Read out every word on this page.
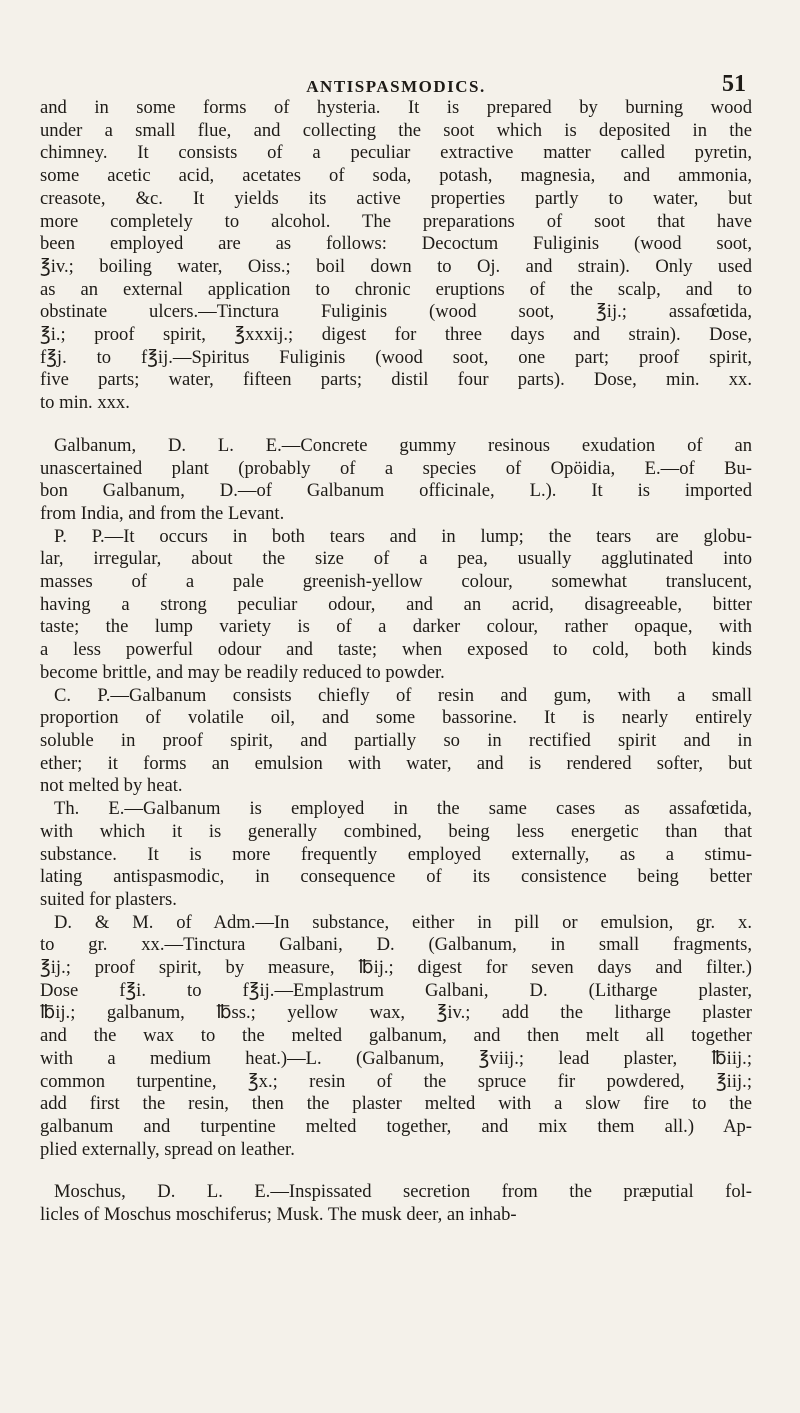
ANTISPASMODICS.	51

and in some forms of hysteria. It is prepared by burning wood
under a small flue, and collecting the soot which is deposited in the
chimney. It consists of a peculiar extractive matter called pyretin,
some acetic acid, acetates of soda, potash, magnesia, and ammonia,
creasote, &c. It yields its active properties partly to water, but
more completely to alcohol. The preparations of soot that have
been employed are as follows: Decoctum Fuliginis (wood soot,
℥iv.; boiling water, Oiss.; boil down to Oj. and strain). Only used
as an external application to chronic eruptions of the scalp, and to
obstinate ulcers.—Tinctura Fuliginis (wood soot, ℥ij.; assafœtida,
℥i.; proof spirit, ℥xxxij.; digest for three days and strain). Dose,
f℥j. to f℥ij.—Spiritus Fuliginis (wood soot, one part; proof spirit,
five parts; water, fifteen parts; distil four parts). Dose, min. xx.
to min. xxx.

Galbanum, D. L. E.—Concrete gummy resinous exudation of an
unascertained plant (probably of a species of Opöidia, E.—of Bu-
bon Galbanum, D.—of Galbanum officinale, L.). It is imported
from India, and from the Levant.

P. P.—It occurs in both tears and in lump; the tears are globu-
lar, irregular, about the size of a pea, usually agglutinated into
masses of a pale greenish-yellow colour, somewhat translucent,
having a strong peculiar odour, and an acrid, disagreeable, bitter
taste; the lump variety is of a darker colour, rather opaque, with
a less powerful odour and taste; when exposed to cold, both kinds
become brittle, and may be readily reduced to powder.

C. P.—Galbanum consists chiefly of resin and gum, with a small
proportion of volatile oil, and some bassorine. It is nearly entirely
soluble in proof spirit, and partially so in rectified spirit and in
ether; it forms an emulsion with water, and is rendered softer, but
not melted by heat.

Th. E.—Galbanum is employed in the same cases as assafœtida,
with which it is generally combined, being less energetic than that
substance. It is more frequently employed externally, as a stimu-
lating antispasmodic, in consequence of its consistence being better
suited for plasters.

D. & M. of Adm.—In substance, either in pill or emulsion, gr. x.
to gr. xx.—Tinctura Galbani, D. (Galbanum, in small fragments,
℥ij.; proof spirit, by measure, ℔ij.; digest for seven days and filter.)
Dose f℥i. to f℥ij.—Emplastrum Galbani, D. (Litharge plaster,
℔ij.; galbanum, ℔ss.; yellow wax, ℥iv.; add the litharge plaster
and the wax to the melted galbanum, and then melt all together
with a medium heat.)—L. (Galbanum, ℥viij.; lead plaster, ℔iij.;
common turpentine, ℥x.; resin of the spruce fir powdered, ℥iij.;
add first the resin, then the plaster melted with a slow fire to the
galbanum and turpentine melted together, and mix them all.) Ap-
plied externally, spread on leather.

Moschus, D. L. E.—Inspissated secretion from the præputial fol-
licles of Moschus moschiferus; Musk. The musk deer, an inhab-
